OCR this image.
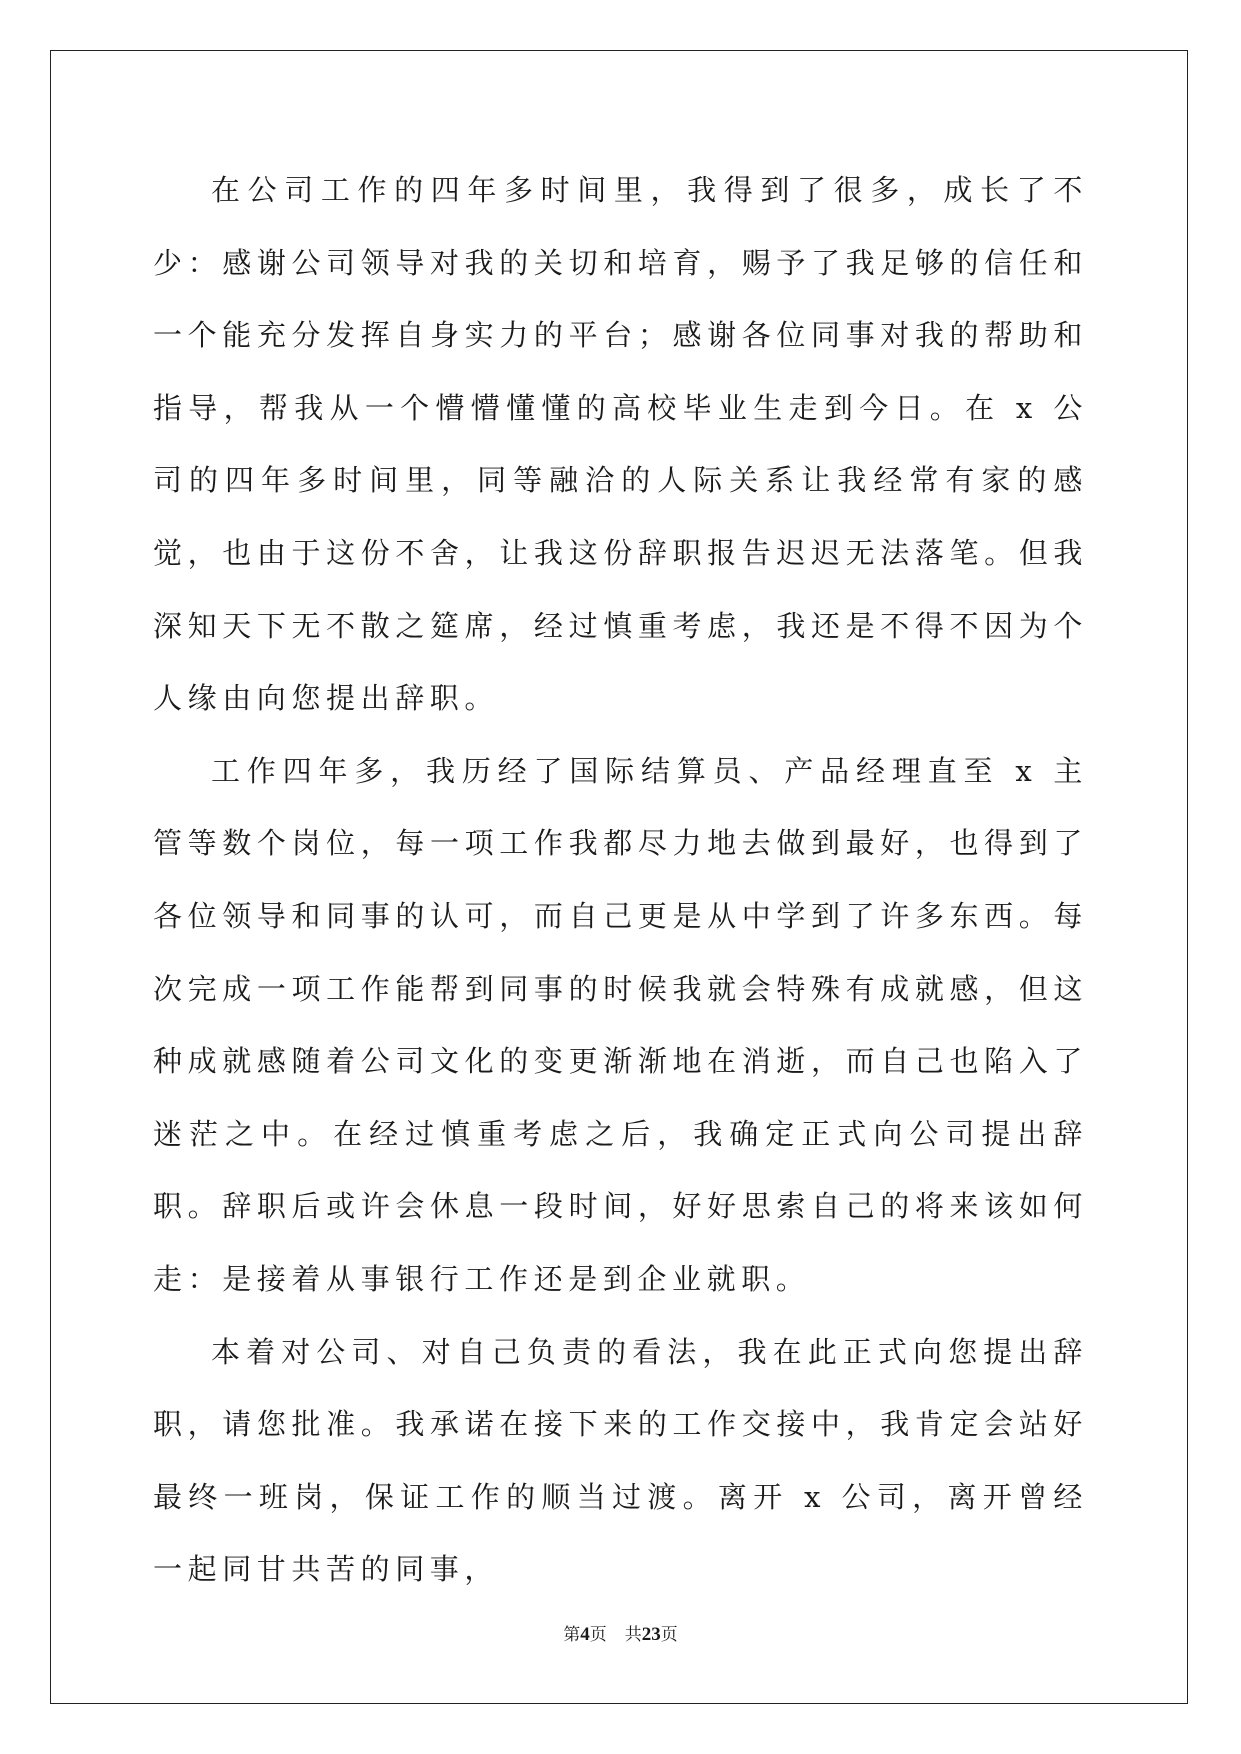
在公司工作的四年多时间里，我得到了很多，成长了不少：感谢公司领导对我的关切和培育，赐予了我足够的信任和一个能充分发挥自身实力的平台；感谢各位同事对我的帮助和指导，帮我从一个懵懵懂懂的高校毕业生走到今日。在 x 公司的四年多时间里，同等融洽的人际关系让我经常有家的感觉，也由于这份不舍，让我这份辞职报告迟迟无法落笔。但我深知天下无不散之筵席，经过慎重考虑，我还是不得不因为个人缘由向您提出辞职。

工作四年多，我历经了国际结算员、产品经理直至 x 主管等数个岗位，每一项工作我都尽力地去做到最好，也得到了各位领导和同事的认可，而自己更是从中学到了许多东西。每次完成一项工作能帮到同事的时候我就会特殊有成就感，但这种成就感随着公司文化的变更渐渐地在消逝，而自己也陷入了迷茫之中。在经过慎重考虑之后，我确定正式向公司提出辞职。辞职后或许会休息一段时间，好好思索自己的将来该如何走：是接着从事银行工作还是到企业就职。

本着对公司、对自己负责的看法，我在此正式向您提出辞职，请您批准。我承诺在接下来的工作交接中，我肯定会站好最终一班岗，保证工作的顺当过渡。离开 x 公司，离开曾经一起同甘共苦的同事，

第4页 共23页
